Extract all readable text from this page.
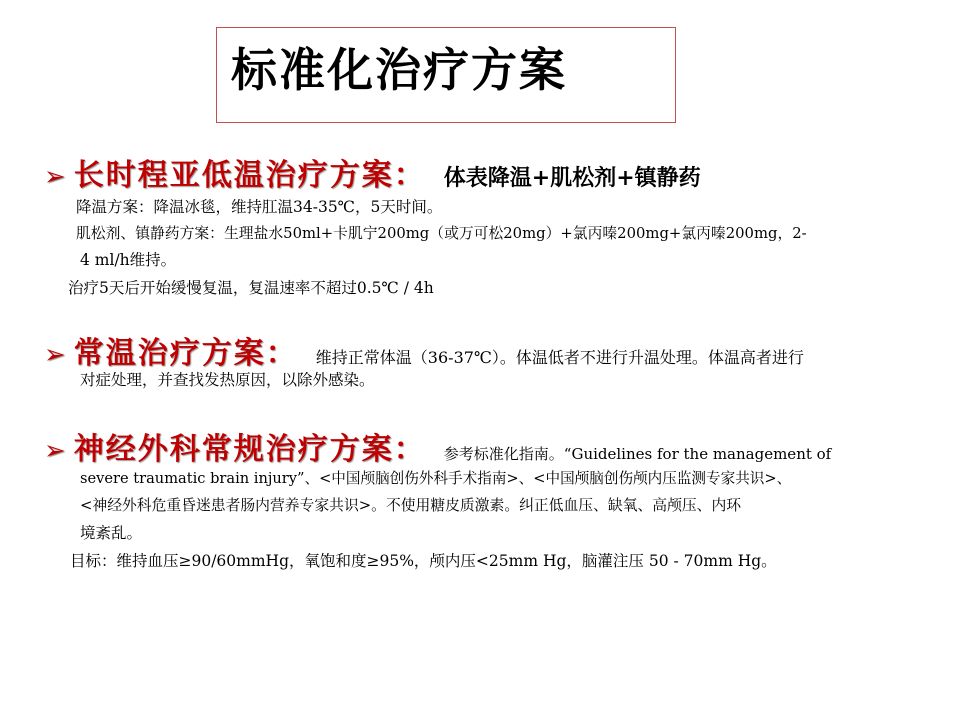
标准化治疗方案
➢ 长时程亚低温治疗方案： 体表降温+肌松剂+镇静药
降温方案：降温冰毯，维持肛温34-35℃，5天时间。
肌松剂、镇静药方案：生理盐水50ml+卡肌宁200mg（或万可松20mg）+氯丙嗪200mg+氯丙嗪200mg，2-
4 ml/h维持。
治疗5天后开始缓慢复温，复温速率不超过0.5℃ / 4h
➢ 常温治疗方案： 维持正常体温（36-37℃）。体温低者不进行升温处理。体温高者进行
对症处理，并查找发热原因，以除外感染。
➢ 神经外科常规治疗方案： 参考标准化指南。“Guidelines for the management of
severe traumatic brain injury”、<中国颅脑创伤外科手术指南>、<中国颅脑创伤颅内压监测专家共识>、
<神经外科危重昏迷患者肠内营养专家共识>。不使用糖皮质激素。纠正低血压、缺氧、高颅压、内环
境紊乱。
目标：维持血压≥90/60mmHg，氧饱和度≥95%，颅内压<25mm Hg，脑灌注压 50 - 70mm Hg。
